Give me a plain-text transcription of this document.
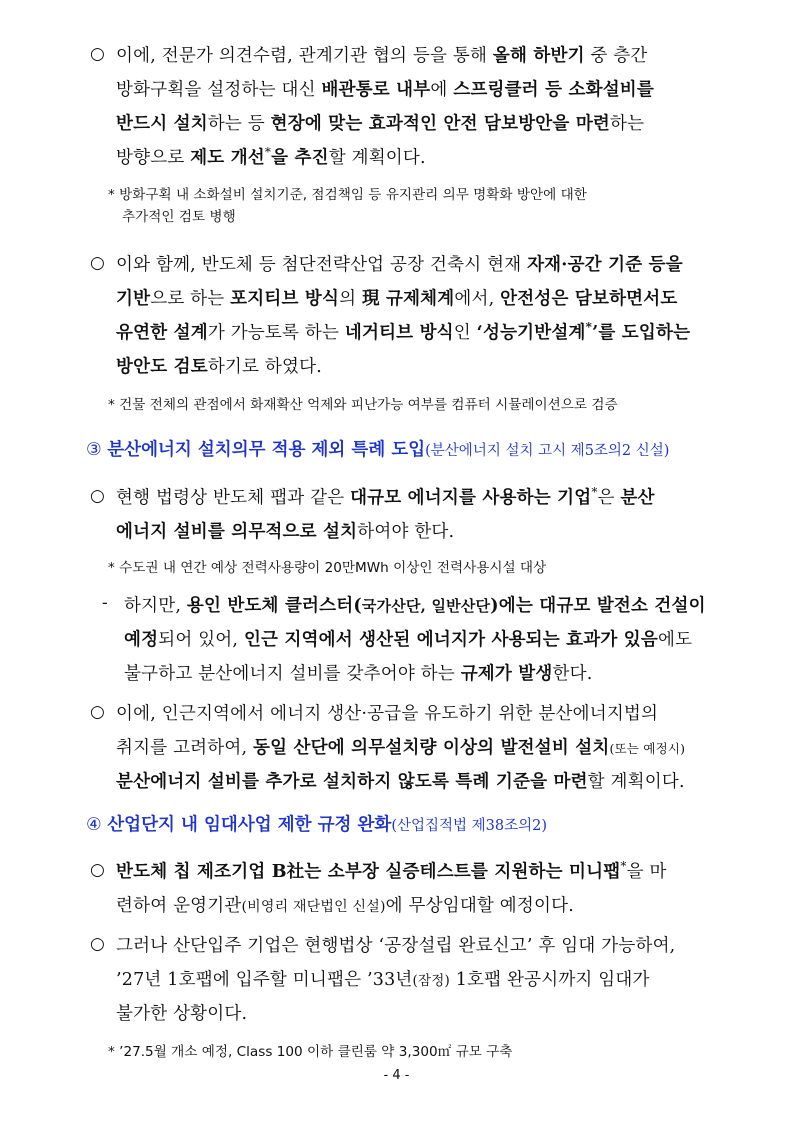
○ 이에, 전문가 의견수렴, 관계기관 협의 등을 통해 올해 하반기 중 층간
방화구획을 설정하는 대신 배관통로 내부에 스프링클러 등 소화설비를
반드시 설치하는 등 현장에 맞는 효과적인 안전 담보방안을 마련하는
방향으로 제도 개선*을 추진할 계획이다.
* 방화구획 내 소화설비 설치기준, 점검책임 등 유지관리 의무 명확화 방안에 대한
추가적인 검토 병행
○ 이와 함께, 반도체 등 첨단전략산업 공장 건축시 현재 자재·공간 기준 등을
기반으로 하는 포지티브 방식의 現 규제체계에서, 안전성은 담보하면서도
유연한 설계가 가능토록 하는 네거티브 방식인 ‘성능기반설계*’를 도입하는
방안도 검토하기로 하였다.
* 건물 전체의 관점에서 화재확산 억제와 피난가능 여부를 컴퓨터 시뮬레이션으로 검증
③ 분산에너지 설치의무 적용 제외 특례 도입(분산에너지 설치 고시 제5조의2 신설)
○ 현행 법령상 반도체 팹과 같은 대규모 에너지를 사용하는 기업*은 분산
에너지 설비를 의무적으로 설치하여야 한다.
* 수도권 내 연간 예상 전력사용량이 20만MWh 이상인 전력사용시설 대상
- 하지만, 용인 반도체 클러스터(국가산단, 일반산단)에는 대규모 발전소 건설이
예정되어 있어, 인근 지역에서 생산된 에너지가 사용되는 효과가 있음에도
불구하고 분산에너지 설비를 갖추어야 하는 규제가 발생한다.
○ 이에, 인근지역에서 에너지 생산·공급을 유도하기 위한 분산에너지법의
취지를 고려하여, 동일 산단에 의무설치량 이상의 발전설비 설치(또는 예정시)
분산에너지 설비를 추가로 설치하지 않도록 특례 기준을 마련할 계획이다.
④ 산업단지 내 임대사업 제한 규정 완화(산업집적법 제38조의2)
○ 반도체 칩 제조기업 B社는 소부장 실증테스트를 지원하는 미니팹*을 마
련하여 운영기관(비영리 재단법인 신설)에 무상임대할 예정이다.
○ 그러나 산단입주 기업은 현행법상 ‘공장설립 완료신고’ 후 임대 가능하여,
’27년 1호팹에 입주할 미니팹은 ’33년(잠정) 1호팹 완공시까지 임대가
불가한 상황이다.
* ’27.5월 개소 예정, Class 100 이하 클린룸 약 3,300㎡ 규모 구축
- 4 -
